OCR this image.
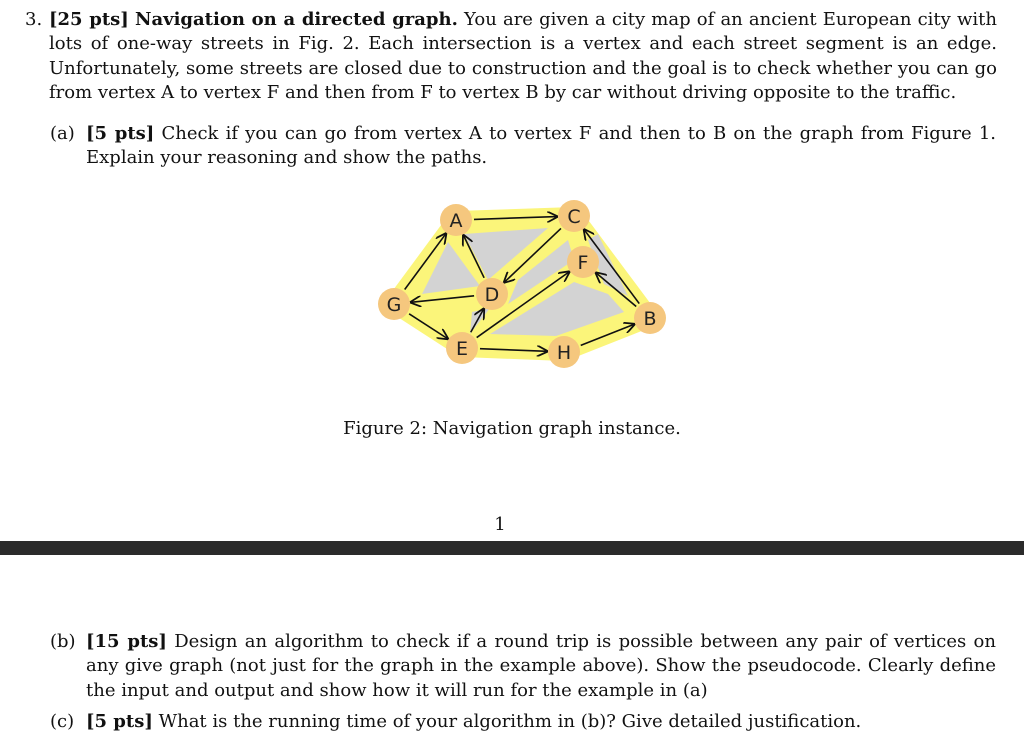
3. [25 pts] Navigation on a directed graph. You are given a city map of an ancient European city with lots of one-way streets in Fig. 2. Each intersection is a vertex and each street segment is an edge. Unfortunately, some streets are closed due to construction and the goal is to check whether you can go from vertex A to vertex F and then from F to vertex B by car without driving opposite to the traffic.
(a) [5 pts] Check if you can go from vertex A to vertex F and then to B on the graph from Figure 1. Explain your reasoning and show the paths.
A	C
F
D
G
B
E	H
Figure 2: Navigation graph instance.
1
(b) [15 pts] Design an algorithm to check if a round trip is possible between any pair of vertices on any give graph (not just for the graph in the example above). Show the pseudocode. Clearly define the input and output and show how it will run for the example in (a)
(c) [5 pts] What is the running time of your algorithm in (b)? Give detailed justification.
